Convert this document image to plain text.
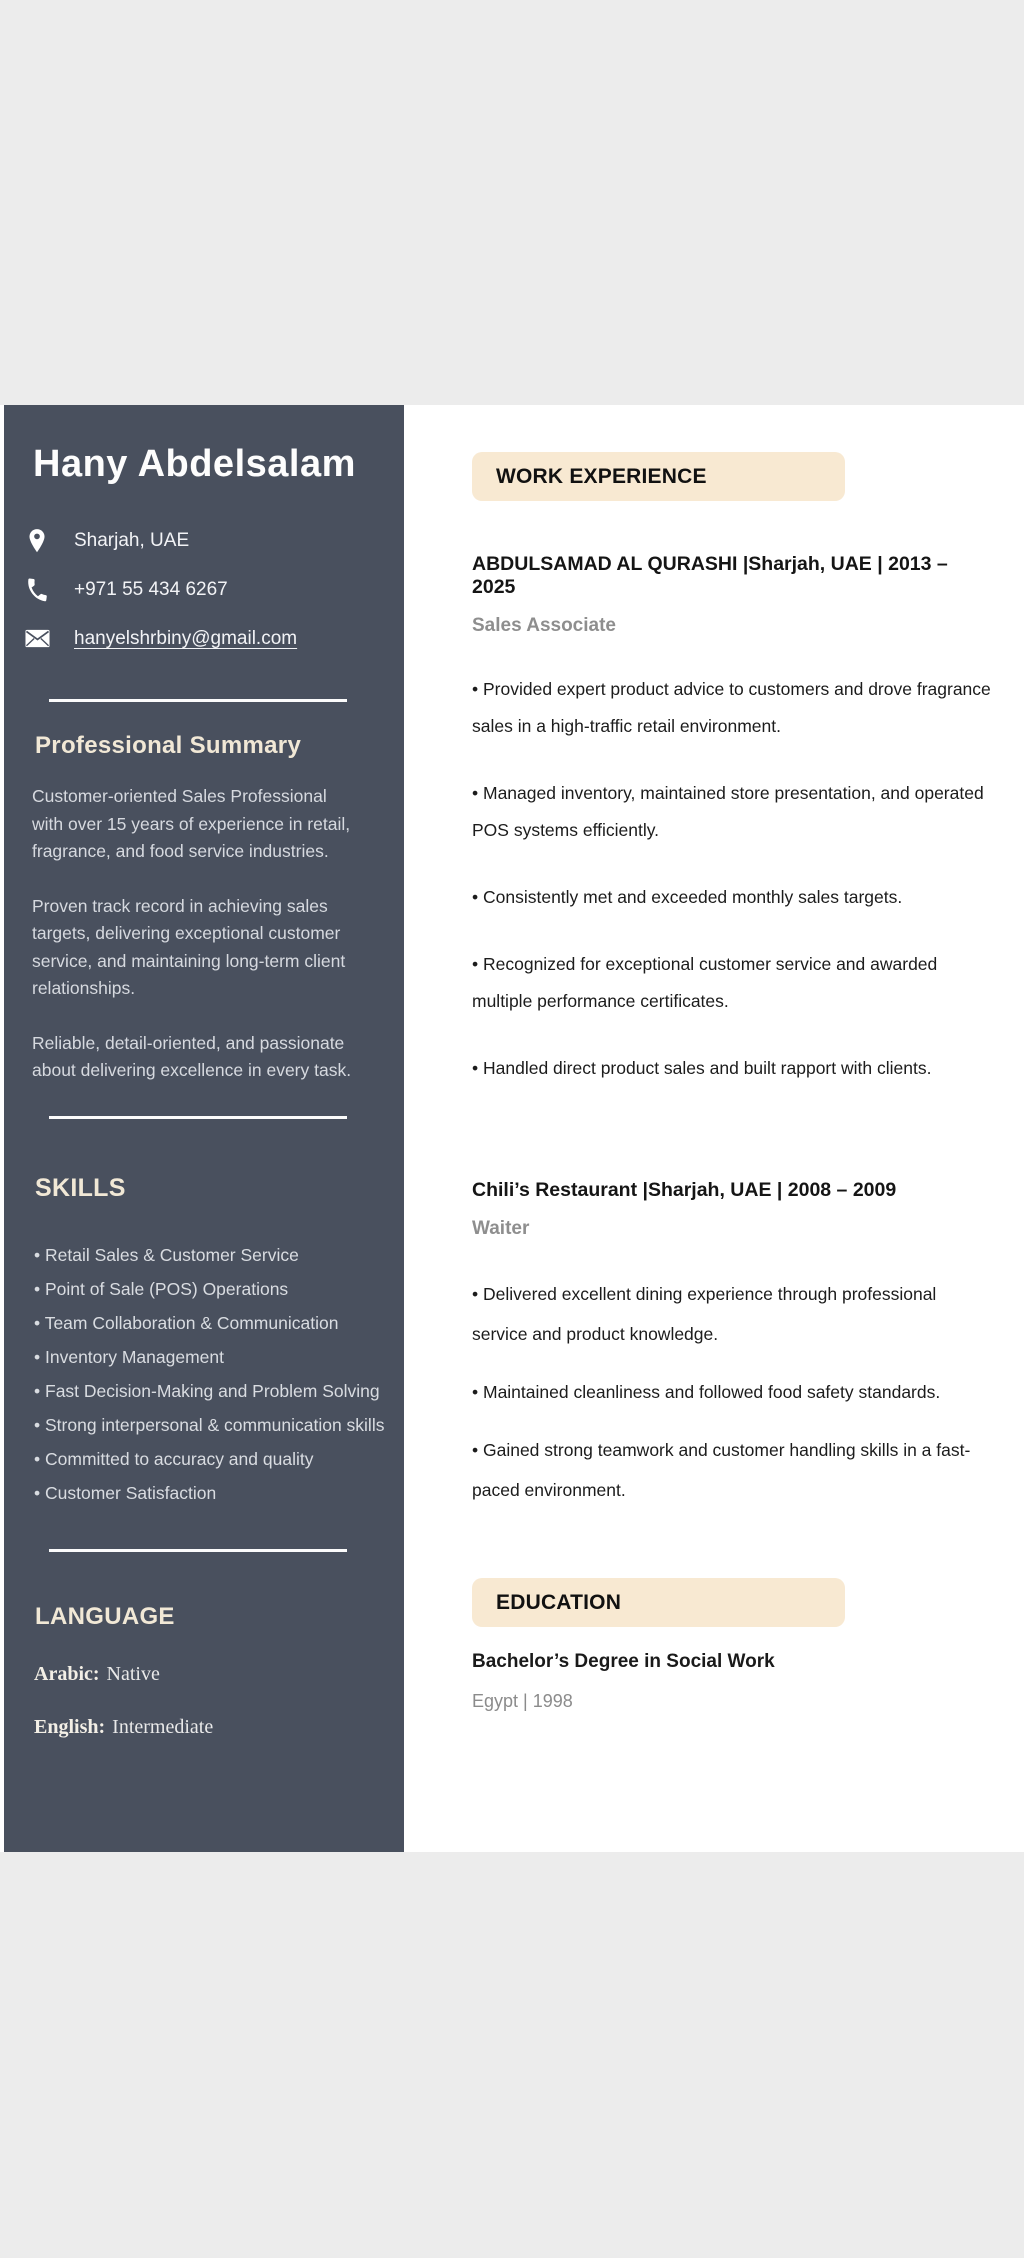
Hany Abdelsalam
Sharjah, UAE
+971 55 434 6267
hanyelshrbiny@gmail.com
Professional Summary

Customer-oriented Sales Professional with over 15 years of experience in retail, fragrance, and food service industries.

Proven track record in achieving sales targets, delivering exceptional customer service, and maintaining long-term client relationships.

Reliable, detail-oriented, and passionate about delivering excellence in every task.

SKILLS
• Retail Sales & Customer Service
• Point of Sale (POS) Operations
• Team Collaboration & Communication
• Inventory Management
• Fast Decision-Making and Problem Solving
• Strong interpersonal & communication skills
• Committed to accuracy and quality
• Customer Satisfaction
LANGUAGE
Arabic: Native
English: Intermediate
WORK EXPERIENCE
ABDULSAMAD AL QURASHI |Sharjah, UAE | 2013 – 2025
Sales Associate

• Provided expert product advice to customers and drove fragrance sales in a high-traffic retail environment.

• Managed inventory, maintained store presentation, and operated POS systems efficiently.

• Consistently met and exceeded monthly sales targets.

• Recognized for exceptional customer service and awarded multiple performance certificates.

• Handled direct product sales and built rapport with clients.

Chili’s Restaurant |Sharjah, UAE | 2008 – 2009
Waiter

• Delivered excellent dining experience through professional service and product knowledge.

• Maintained cleanliness and followed food safety standards.

• Gained strong teamwork and customer handling skills in a fast-paced environment.

EDUCATION
Bachelor’s Degree in Social Work
Egypt | 1998
